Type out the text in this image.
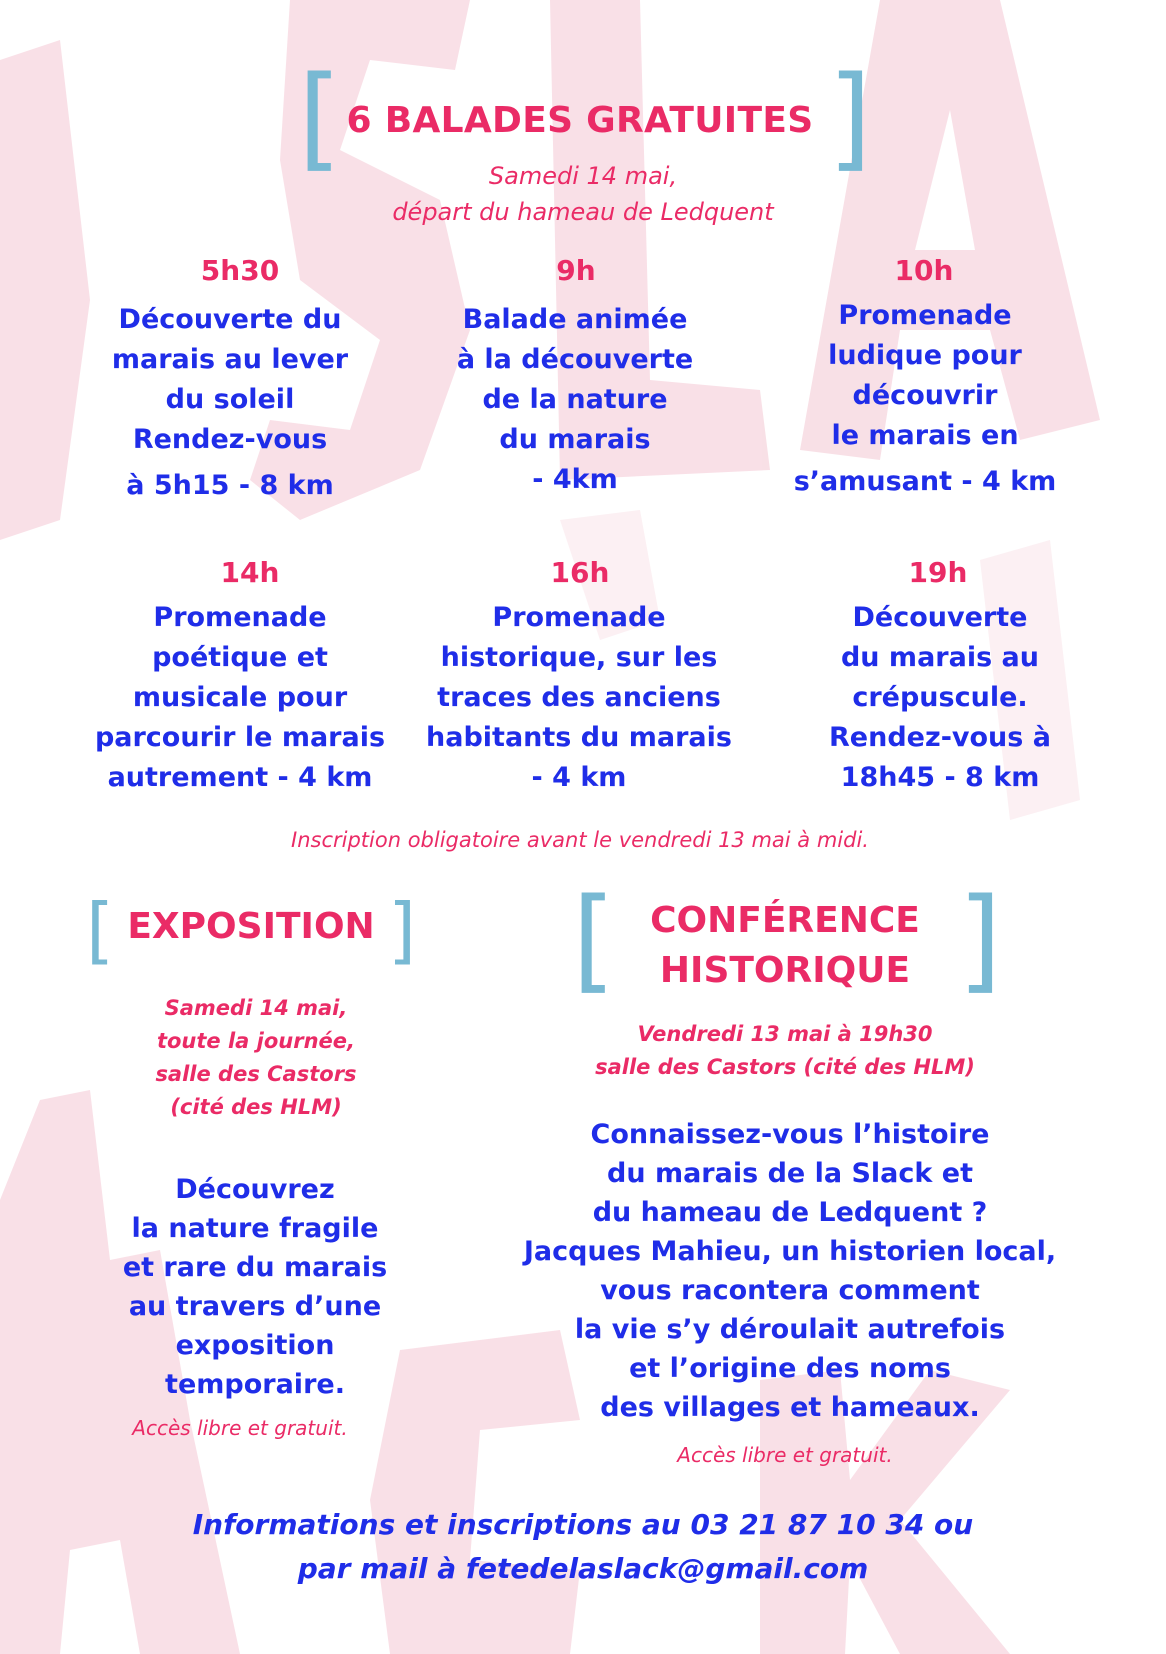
[	]
6 BALADES GRATUITES
Samedi 14 mai,
départ du hameau de Ledquent
5h30
Découverte du
marais au lever
du soleil
Rendez-vous
à 5h15 - 8 km
9h
Balade animée
à la découverte
de la nature
du marais
- 4km
10h
Promenade
ludique pour
découvrir
le marais en
s’amusant - 4 km
14h
Promenade
poétique et
musicale pour
parcourir le marais
autrement - 4 km
16h
Promenade
historique, sur les
traces des anciens
habitants du marais
- 4 km
19h
Découverte
du marais au
crépuscule.
Rendez-vous à
18h45 - 8 km
Inscription obligatoire avant le vendredi 13 mai à midi.
[	]
EXPOSITION
Samedi 14 mai,
toute la journée,
salle des Castors
(cité des HLM)
Découvrez
la nature fragile
et rare du marais
au travers d’une
exposition
temporaire.
Accès libre et gratuit.
[	]
CONFÉRENCE
HISTORIQUE
Vendredi 13 mai à 19h30
salle des Castors (cité des HLM)
Connaissez-vous l’histoire
du marais de la Slack et
du hameau de Ledquent ?
Jacques Mahieu, un historien local,
vous racontera comment
la vie s’y déroulait autrefois
et l’origine des noms
des villages et hameaux.
Accès libre et gratuit.
Informations et inscriptions au 03 21 87 10 34 ou
par mail à fetedelaslack@gmail.com
